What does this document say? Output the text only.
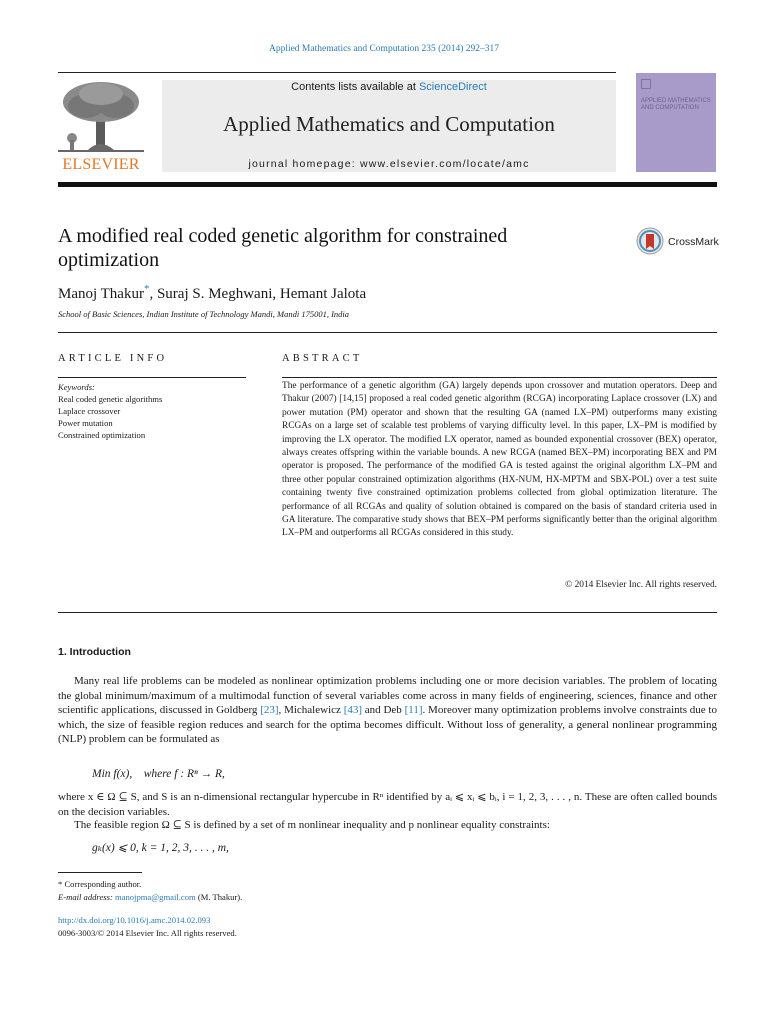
Applied Mathematics and Computation 235 (2014) 292–317
ELSEVIER
Contents lists available at ScienceDirect
Applied Mathematics and Computation
journal homepage: www.elsevier.com/locate/amc
APPLIED MATHEMATICS AND COMPUTATION
A modified real coded genetic algorithm for constrained optimization
CrossMark
Manoj Thakur*, Suraj S. Meghwani, Hemant Jalota
School of Basic Sciences, Indian Institute of Technology Mandi, Mandi 175001, India
ARTICLE INFO	ABSTRACT
Keywords:
Real coded genetic algorithms
Laplace crossover
Power mutation
Constrained optimization
The performance of a genetic algorithm (GA) largely depends upon crossover and mutation operators. Deep and Thakur (2007) [14,15] proposed a real coded genetic algorithm (RCGA) incorporating Laplace crossover (LX) and power mutation (PM) operator and shown that the resulting GA (named LX–PM) outperforms many existing RCGAs on a large set of scalable test problems of varying difficulty level. In this paper, LX–PM is modified by improving the LX operator. The modified LX operator, named as bounded exponential crossover (BEX) operator, always creates offspring within the variable bounds. A new RCGA (named BEX–PM) incorporating BEX and PM operator is proposed. The performance of the modified GA is tested against the original algorithm LX–PM and three other popular constrained optimization algorithms (HX-NUM, HX-MPTM and SBX-POL) over a test suite containing twenty five constrained optimization problems collected from global optimization literature. The performance of all RCGAs and quality of solution obtained is compared on the basis of standard criteria used in GA literature. The comparative study shows that BEX–PM performs significantly better than the original algorithm LX–PM and outperforms all RCGAs considered in this study.
© 2014 Elsevier Inc. All rights reserved.
1. Introduction
Many real life problems can be modeled as nonlinear optimization problems including one or more decision variables. The problem of locating the global minimum/maximum of a multimodal function of several variables come across in many fields of engineering, sciences, finance and other scientific applications, discussed in Goldberg [23], Michalewicz [43] and Deb [11]. Moreover many optimization problems involve constraints due to which, the size of feasible region reduces and search for the optima becomes difficult. Without loss of generality, a general nonlinear programming (NLP) problem can be formulated as
Min f(x), where f : Rⁿ → R,
where x ∈ Ω ⊆ S, and S is an n-dimensional rectangular hypercube in Rⁿ identified by aᵢ ⩽ xᵢ ⩽ bᵢ, i = 1, 2, 3, . . . , n. These are often called bounds on the decision variables.
The feasible region Ω ⊆ S is defined by a set of m nonlinear inequality and p nonlinear equality constraints:
gₖ(x) ⩽ 0, k = 1, 2, 3, . . . , m,
* Corresponding author.
E-mail address: manojpma@gmail.com (M. Thakur).
http://dx.doi.org/10.1016/j.amc.2014.02.093
0096-3003/© 2014 Elsevier Inc. All rights reserved.
